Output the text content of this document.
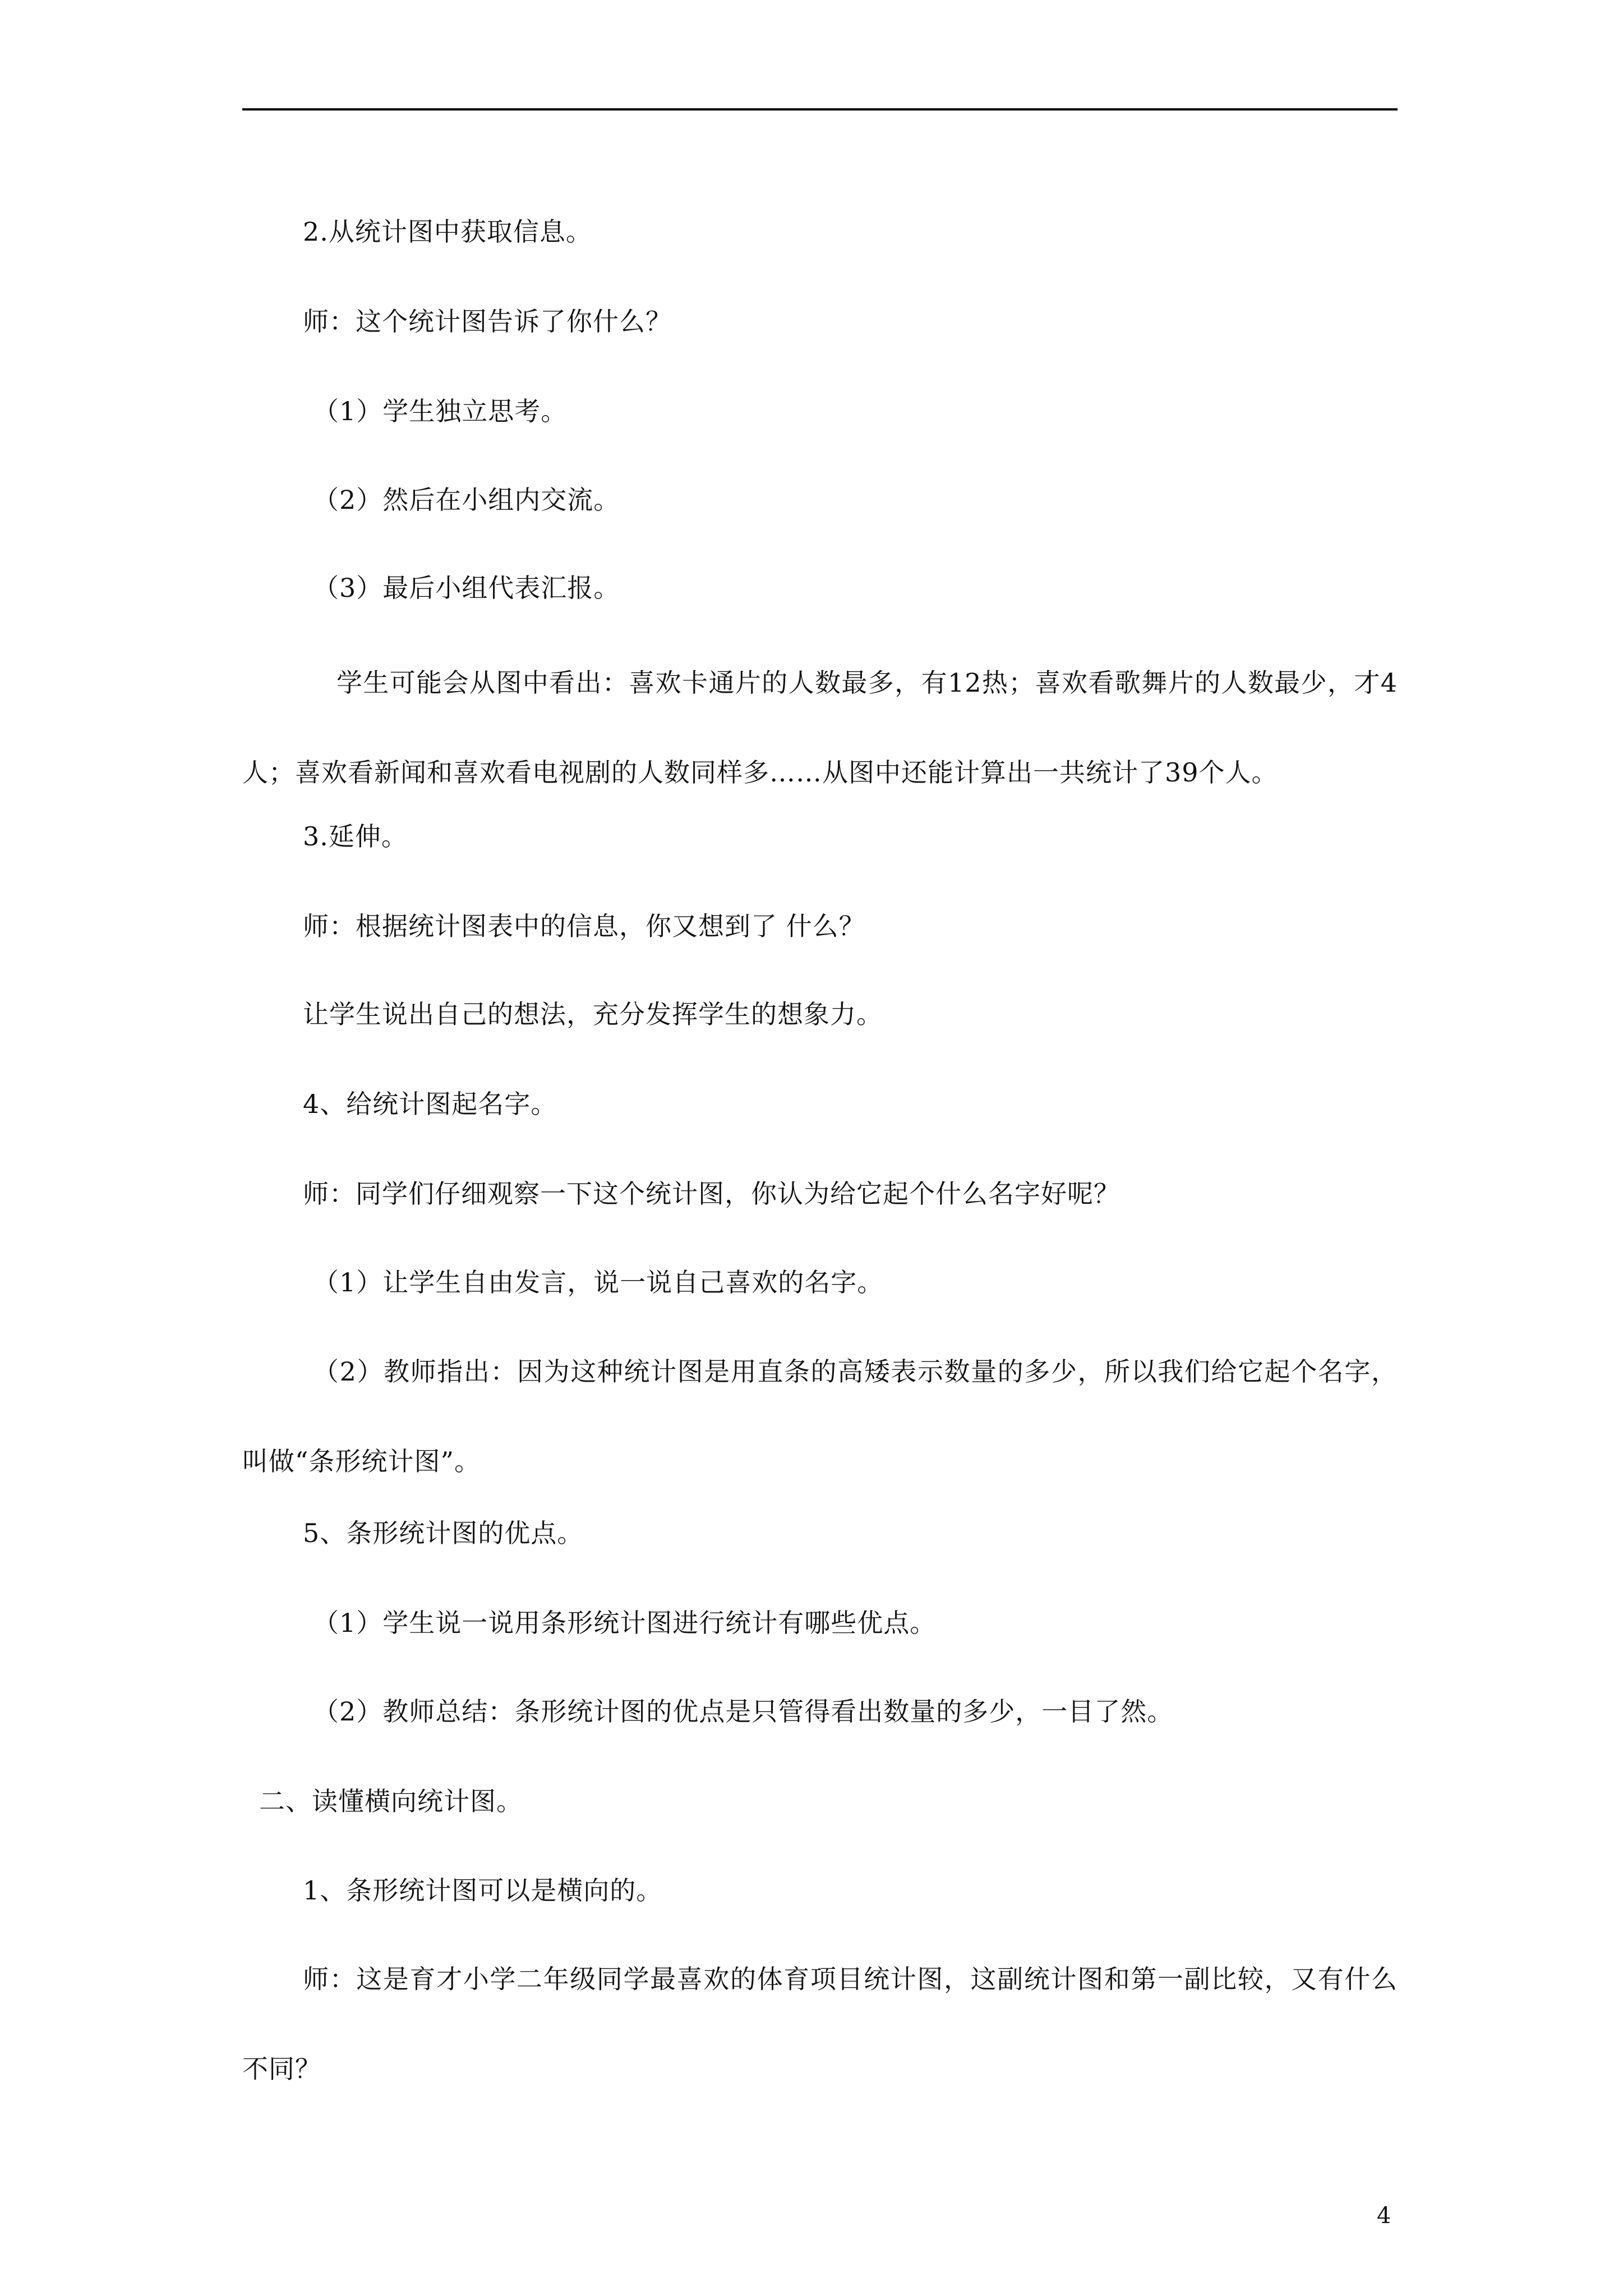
2.从统计图中获取信息。
师：这个统计图告诉了你什么？
（1）学生独立思考。
（2）然后在小组内交流。
（3）最后小组代表汇报。
学生可能会从图中看出：喜欢卡通片的人数最多，有12热；喜欢看歌舞片的人数最少，才4人；喜欢看新闻和喜欢看电视剧的人数同样多……从图中还能计算出一共统计了39个人。
3.延伸。
师：根据统计图表中的信息，你又想到了 什么？
让学生说出自己的想法，充分发挥学生的想象力。
4、给统计图起名字。
师：同学们仔细观察一下这个统计图，你认为给它起个什么名字好呢？
（1）让学生自由发言，说一说自己喜欢的名字。
（2）教师指出：因为这种统计图是用直条的高矮表示数量的多少，所以我们给它起个名字，叫做“条形统计图”。
5、条形统计图的优点。
（1）学生说一说用条形统计图进行统计有哪些优点。
（2）教师总结：条形统计图的优点是只管得看出数量的多少，一目了然。
二、读懂横向统计图。
1、条形统计图可以是横向的。
师：这是育才小学二年级同学最喜欢的体育项目统计图，这副统计图和第一副比较，又有什么不同？
4
